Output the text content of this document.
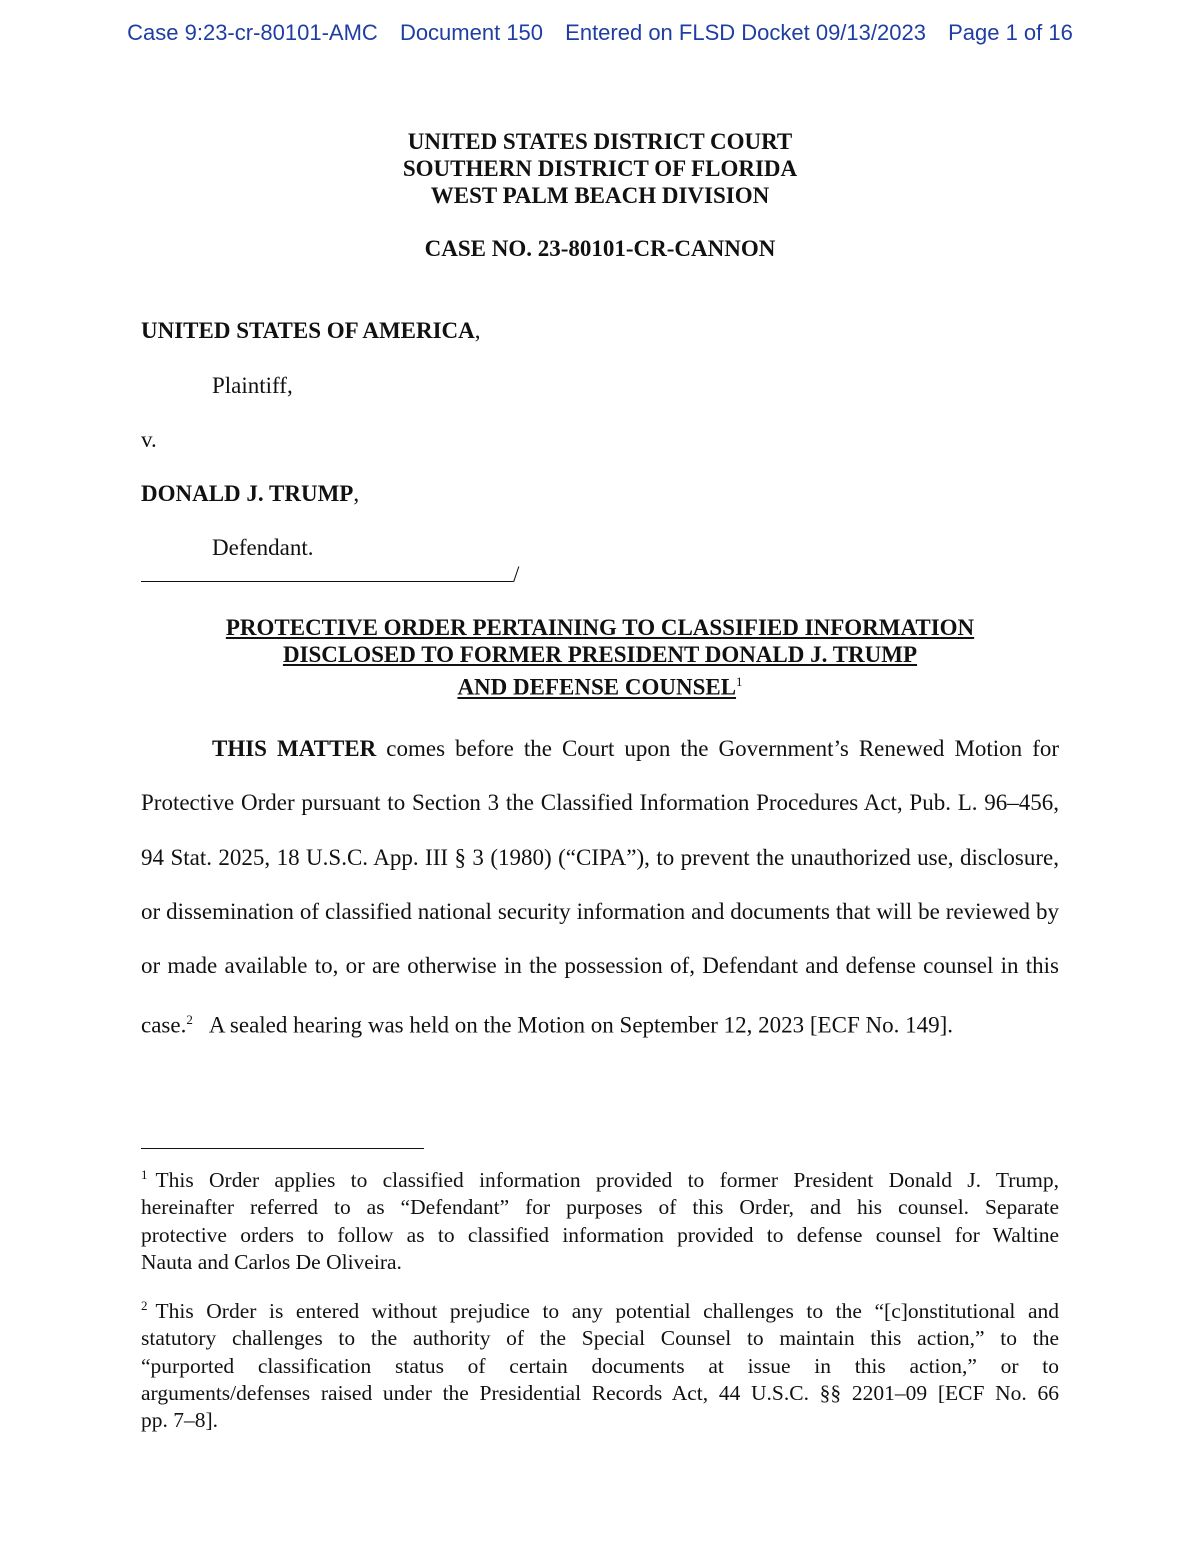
Case 9:23-cr-80101-AMC Document 150 Entered on FLSD Docket 09/13/2023 Page 1 of 16
UNITED STATES DISTRICT COURT
SOUTHERN DISTRICT OF FLORIDA
WEST PALM BEACH DIVISION
CASE NO. 23-80101-CR-CANNON
UNITED STATES OF AMERICA,
Plaintiff,
v.
DONALD J. TRUMP,
Defendant.
/
PROTECTIVE ORDER PERTAINING TO CLASSIFIED INFORMATION
DISCLOSED TO FORMER PRESIDENT DONALD J. TRUMP
AND DEFENSE COUNSEL$^1$
THIS MATTER comes before the Court upon the Government’s Renewed Motion for
Protective Order pursuant to Section 3 the Classified Information Procedures Act, Pub. L. 96–456,
94 Stat. 2025, 18 U.S.C. App. III § 3 (1980) (“CIPA”), to prevent the unauthorized use, disclosure,
or dissemination of classified national security information and documents that will be reviewed by
or made available to, or are otherwise in the possession of, Defendant and defense counsel in this
case.$^2$ A sealed hearing was held on the Motion on September 12, 2023 [ECF No. 149].
$^1$ This Order applies to classified information provided to former President Donald J. Trump,
hereinafter referred to as “Defendant” for purposes of this Order, and his counsel. Separate
protective orders to follow as to classified information provided to defense counsel for Waltine
Nauta and Carlos De Oliveira.
$^2$ This Order is entered without prejudice to any potential challenges to the “[c]onstitutional and
statutory challenges to the authority of the Special Counsel to maintain this action,” to the
“purported classification status of certain documents at issue in this action,” or to
arguments/defenses raised under the Presidential Records Act, 44 U.S.C. §§ 2201–09 [ECF No. 66
pp. 7–8].
